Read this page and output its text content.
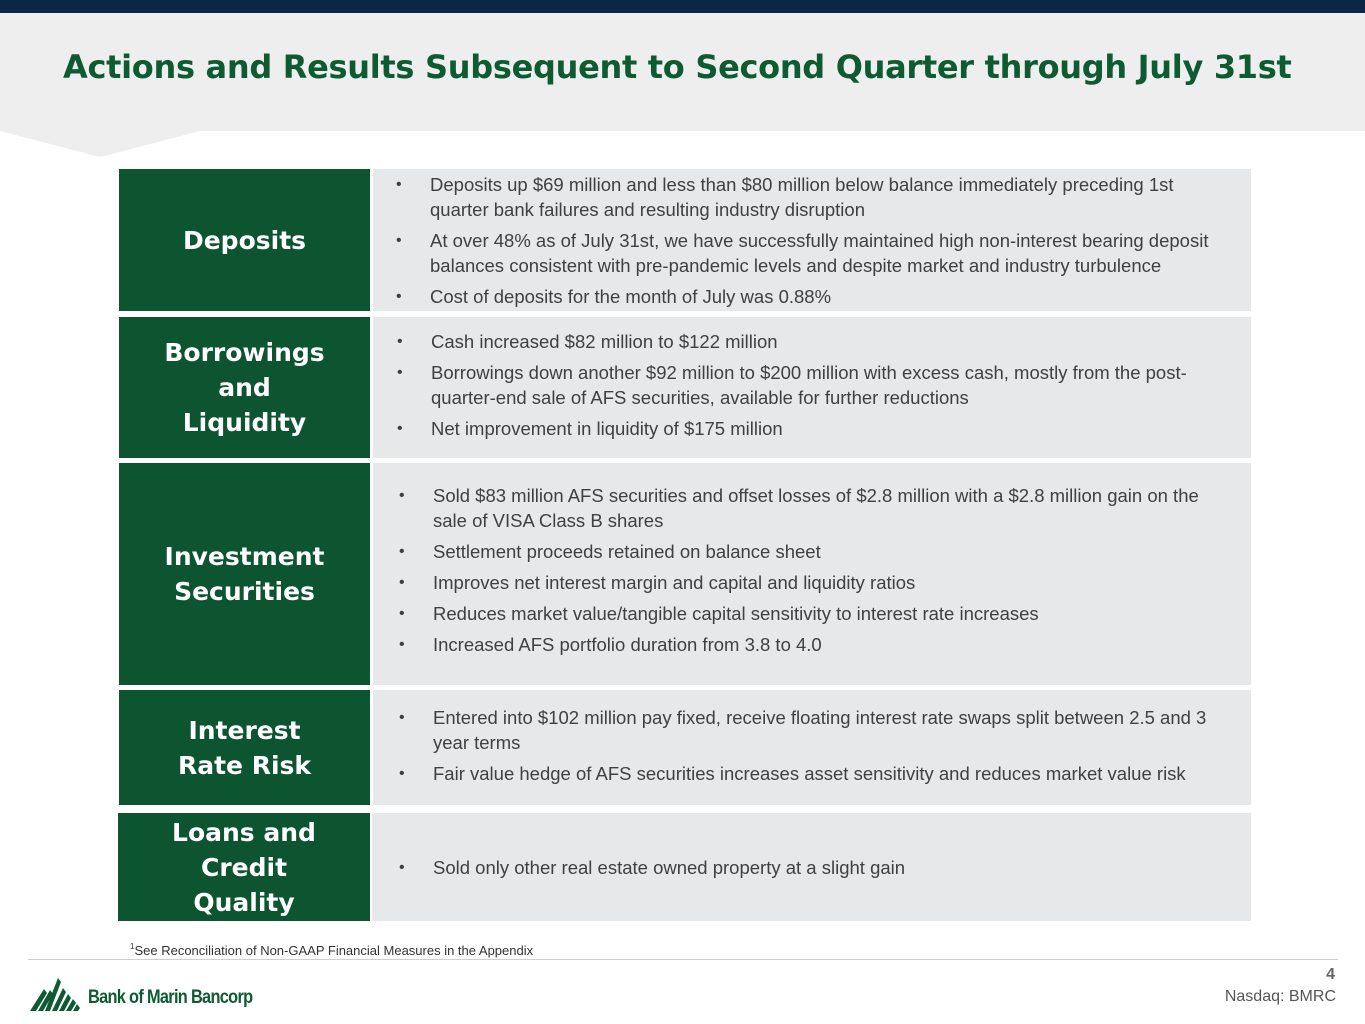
Actions and Results Subsequent to Second Quarter through July 31st
Deposits
•	Deposits up $69 million and less than $80 million below balance immediately preceding 1st quarter bank failures and resulting industry disruption
•	At over 48% as of July 31st, we have successfully maintained high non-interest bearing deposit balances consistent with pre-pandemic levels and despite market and industry turbulence
•	Cost of deposits for the month of July was 0.88%
Borrowings and Liquidity
•	Cash increased $82 million to $122 million
•	Borrowings down another $92 million to $200 million with excess cash, mostly from the post-quarter-end sale of AFS securities, available for further reductions
•	Net improvement in liquidity of $175 million
Investment Securities
•	Sold $83 million AFS securities and offset losses of $2.8 million with a $2.8 million gain on the sale of VISA Class B shares
•	Settlement proceeds retained on balance sheet
•	Improves net interest margin and capital and liquidity ratios
•	Reduces market value/tangible capital sensitivity to interest rate increases
•	Increased AFS portfolio duration from 3.8 to 4.0
Interest Rate Risk
•	Entered into $102 million pay fixed, receive floating interest rate swaps split between 2.5 and 3 year terms
•	Fair value hedge of AFS securities increases asset sensitivity and reduces market value risk
Loans and Credit Quality
•	Sold only other real estate owned property at a slight gain
$^1$See Reconciliation of Non-GAAP Financial Measures in the Appendix
Bank of Marin Bancorp
4
Nasdaq: BMRC
